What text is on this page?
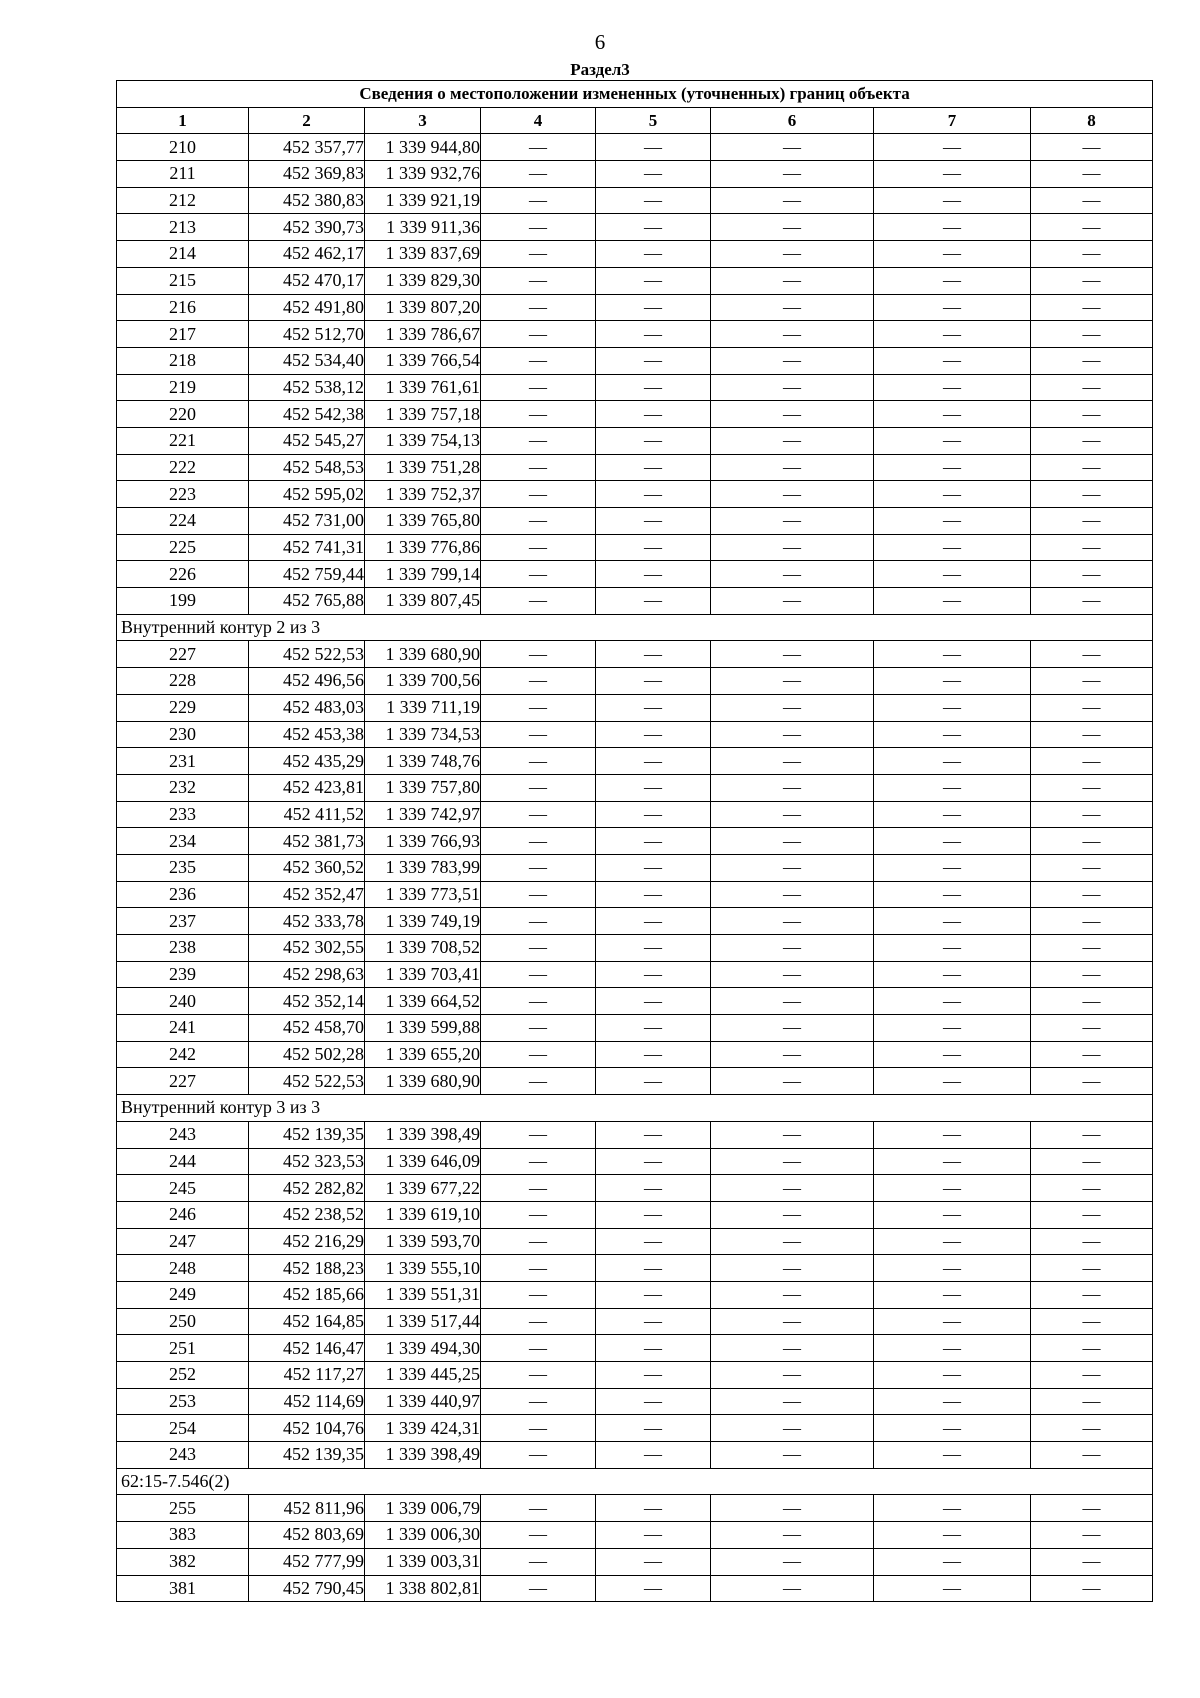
6
Раздел3
Сведения о местоположении измененных (уточненных) границ объекта							
1	2	3	4	5	6	7	8
210	452 357,77	1 339 944,80	—	—	—	—	—
211	452 369,83	1 339 932,76	—	—	—	—	—
212	452 380,83	1 339 921,19	—	—	—	—	—
213	452 390,73	1 339 911,36	—	—	—	—	—
214	452 462,17	1 339 837,69	—	—	—	—	—
215	452 470,17	1 339 829,30	—	—	—	—	—
216	452 491,80	1 339 807,20	—	—	—	—	—
217	452 512,70	1 339 786,67	—	—	—	—	—
218	452 534,40	1 339 766,54	—	—	—	—	—
219	452 538,12	1 339 761,61	—	—	—	—	—
220	452 542,38	1 339 757,18	—	—	—	—	—
221	452 545,27	1 339 754,13	—	—	—	—	—
222	452 548,53	1 339 751,28	—	—	—	—	—
223	452 595,02	1 339 752,37	—	—	—	—	—
224	452 731,00	1 339 765,80	—	—	—	—	—
225	452 741,31	1 339 776,86	—	—	—	—	—
226	452 759,44	1 339 799,14	—	—	—	—	—
199	452 765,88	1 339 807,45	—	—	—	—	—
Внутренний контур 2 из 3							
227	452 522,53	1 339 680,90	—	—	—	—	—
228	452 496,56	1 339 700,56	—	—	—	—	—
229	452 483,03	1 339 711,19	—	—	—	—	—
230	452 453,38	1 339 734,53	—	—	—	—	—
231	452 435,29	1 339 748,76	—	—	—	—	—
232	452 423,81	1 339 757,80	—	—	—	—	—
233	452 411,52	1 339 742,97	—	—	—	—	—
234	452 381,73	1 339 766,93	—	—	—	—	—
235	452 360,52	1 339 783,99	—	—	—	—	—
236	452 352,47	1 339 773,51	—	—	—	—	—
237	452 333,78	1 339 749,19	—	—	—	—	—
238	452 302,55	1 339 708,52	—	—	—	—	—
239	452 298,63	1 339 703,41	—	—	—	—	—
240	452 352,14	1 339 664,52	—	—	—	—	—
241	452 458,70	1 339 599,88	—	—	—	—	—
242	452 502,28	1 339 655,20	—	—	—	—	—
227	452 522,53	1 339 680,90	—	—	—	—	—
Внутренний контур 3 из 3							
243	452 139,35	1 339 398,49	—	—	—	—	—
244	452 323,53	1 339 646,09	—	—	—	—	—
245	452 282,82	1 339 677,22	—	—	—	—	—
246	452 238,52	1 339 619,10	—	—	—	—	—
247	452 216,29	1 339 593,70	—	—	—	—	—
248	452 188,23	1 339 555,10	—	—	—	—	—
249	452 185,66	1 339 551,31	—	—	—	—	—
250	452 164,85	1 339 517,44	—	—	—	—	—
251	452 146,47	1 339 494,30	—	—	—	—	—
252	452 117,27	1 339 445,25	—	—	—	—	—
253	452 114,69	1 339 440,97	—	—	—	—	—
254	452 104,76	1 339 424,31	—	—	—	—	—
243	452 139,35	1 339 398,49	—	—	—	—	—
62:15-7.546(2)							
255	452 811,96	1 339 006,79	—	—	—	—	—
383	452 803,69	1 339 006,30	—	—	—	—	—
382	452 777,99	1 339 003,31	—	—	—	—	—
381	452 790,45	1 338 802,81	—	—	—	—	—
